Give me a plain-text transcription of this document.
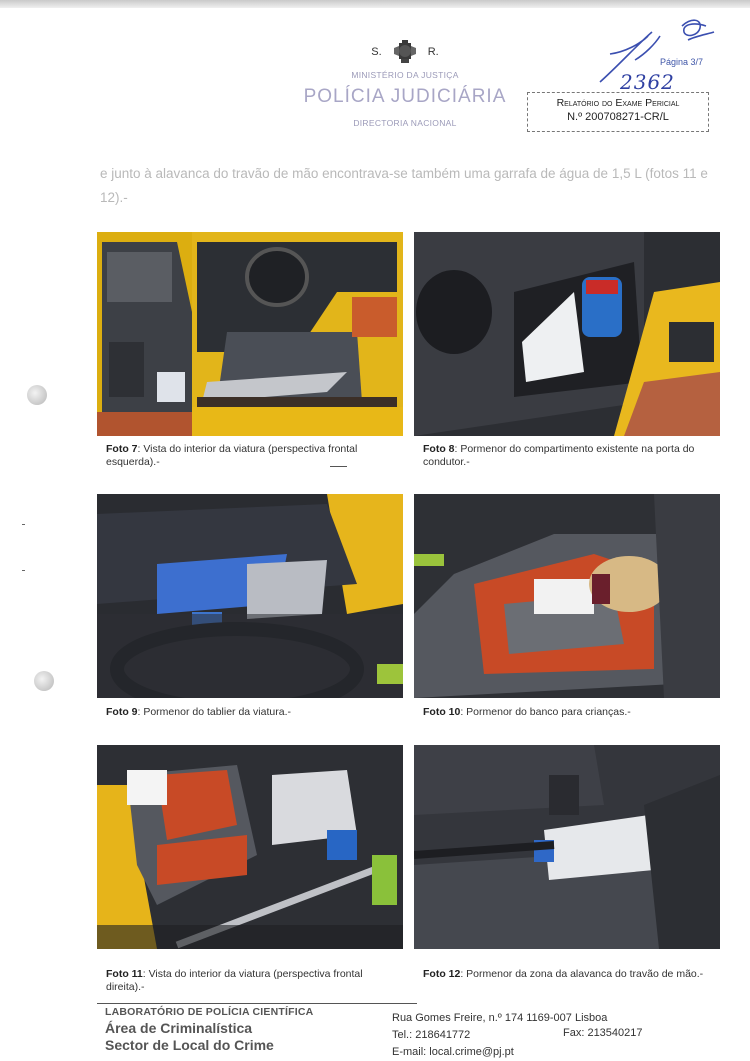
S.	R.
MINISTÉRIO DA JUSTIÇA
POLÍCIA JUDICIÁRIA
DIRECTORIA NACIONAL
Página 3/7
2362
Relatório do Exame Pericial
N.º 200708271-CR/L
e junto à alavanca do travão de mão encontrava-se também uma garrafa de água de 1,5 L (fotos 11 e 12).-
Foto 7: Vista do interior da viatura (perspectiva frontal esquerda).-
Foto 8: Pormenor do compartimento existente na porta do condutor.-
Foto 9: Pormenor do tablier da viatura.-	Foto 10: Pormenor do banco para crianças.-
Foto 11: Vista do interior da viatura (perspectiva frontal direita).-
Foto 12: Pormenor da zona da alavanca do travão de mão.-
LABORATÓRIO DE POLÍCIA CIENTÍFICA
Área de Criminalística
Sector de Local do Crime
Rua Gomes Freire, n.º 174 1169-007 Lisboa
Tel.: 218641772
E-mail: local.crime@pj.pt
Fax: 213540217
